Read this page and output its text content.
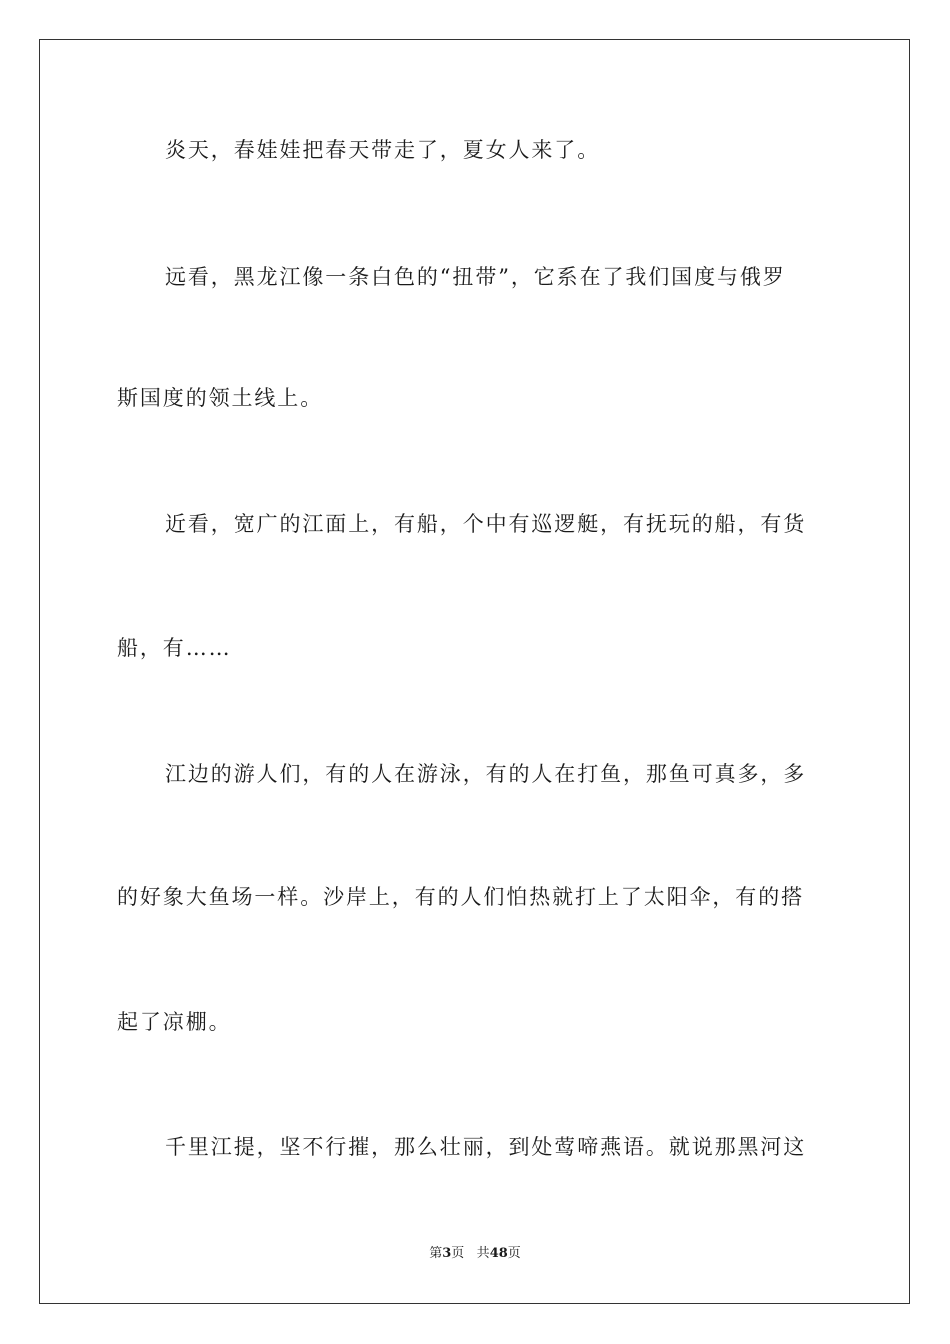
炎天，春娃娃把春天带走了，夏女人来了。
远看，黑龙江像一条白色的“扭带”，它系在了我们国度与俄罗
斯国度的领土线上。
近看，宽广的江面上，有船，个中有巡逻艇，有抚玩的船，有货
船，有……
江边的游人们，有的人在游泳，有的人在打鱼，那鱼可真多，多
的好象大鱼场一样。沙岸上，有的人们怕热就打上了太阳伞，有的搭
起了凉棚。
千里江提，坚不行摧，那么壮丽，到处莺啼燕语。就说那黑河这
第3页 共48页
